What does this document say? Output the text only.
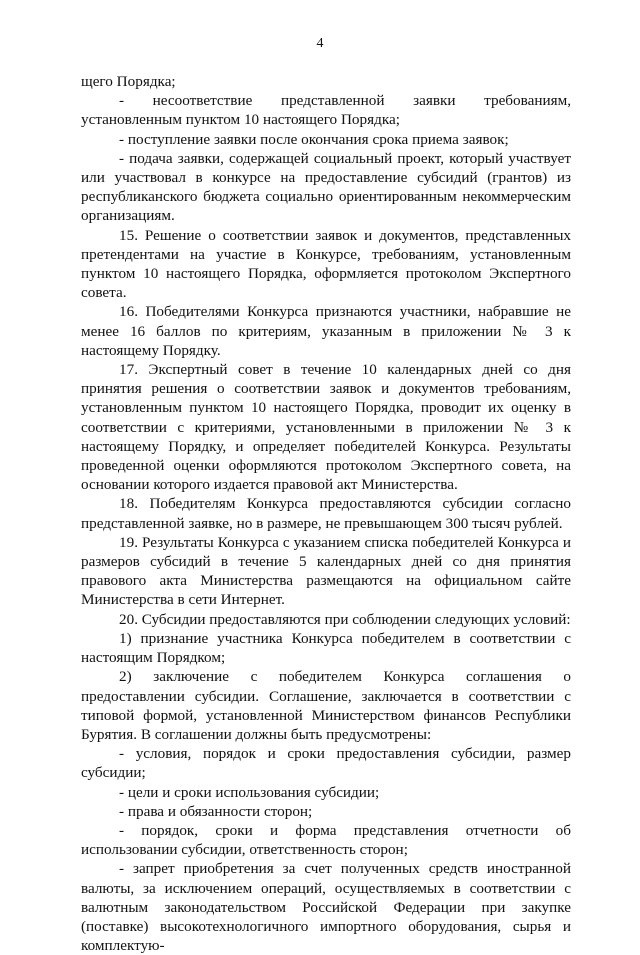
4

щего Порядка;

- несоответствие представленной заявки требованиям, установленным пунктом 10 настоящего Порядка;

- поступление заявки после окончания срока приема заявок;

- подача заявки, содержащей социальный проект, который участвует или участвовал в конкурсе на предоставление субсидий (грантов) из республиканского бюджета социально ориентированным некоммерческим организациям.

15. Решение о соответствии заявок и документов, представленных претендентами на участие в Конкурсе, требованиям, установленным пунктом 10 настоящего Порядка, оформляется протоколом Экспертного совета.

16. Победителями Конкурса признаются участники, набравшие не менее 16 баллов по критериям, указанным в приложении № 3 к настоящему Порядку.

17. Экспертный совет в течение 10 календарных дней со дня принятия решения о соответствии заявок и документов требованиям, установленным пунктом 10 настоящего Порядка, проводит их оценку в соответствии с критериями, установленными в приложении № 3 к настоящему Порядку, и определяет победителей Конкурса. Результаты проведенной оценки оформляются протоколом Экспертного совета, на основании которого издается правовой акт Министерства.

18. Победителям Конкурса предоставляются субсидии согласно представленной заявке, но в размере, не превышающем 300 тысяч рублей.

19. Результаты Конкурса с указанием списка победителей Конкурса и размеров субсидий в течение 5 календарных дней со дня принятия правового акта Министерства размещаются на официальном сайте Министерства в сети Интернет.

20. Субсидии предоставляются при соблюдении следующих условий:

1) признание участника Конкурса победителем в соответствии с настоящим Порядком;

2) заключение с победителем Конкурса соглашения о предоставлении субсидии. Соглашение, заключается в соответствии с типовой формой, установленной Министерством финансов Республики Бурятия. В соглашении должны быть предусмотрены:

- условия, порядок и сроки предоставления субсидии, размер субсидии;

- цели и сроки использования субсидии;

- права и обязанности сторон;

- порядок, сроки и форма представления отчетности об использовании субсидии, ответственность сторон;

- запрет приобретения за счет полученных средств иностранной валюты, за исключением операций, осуществляемых в соответствии с валютным законодательством Российской Федерации при закупке (поставке) высокотехнологичного импортного оборудования, сырья и комплектую-
